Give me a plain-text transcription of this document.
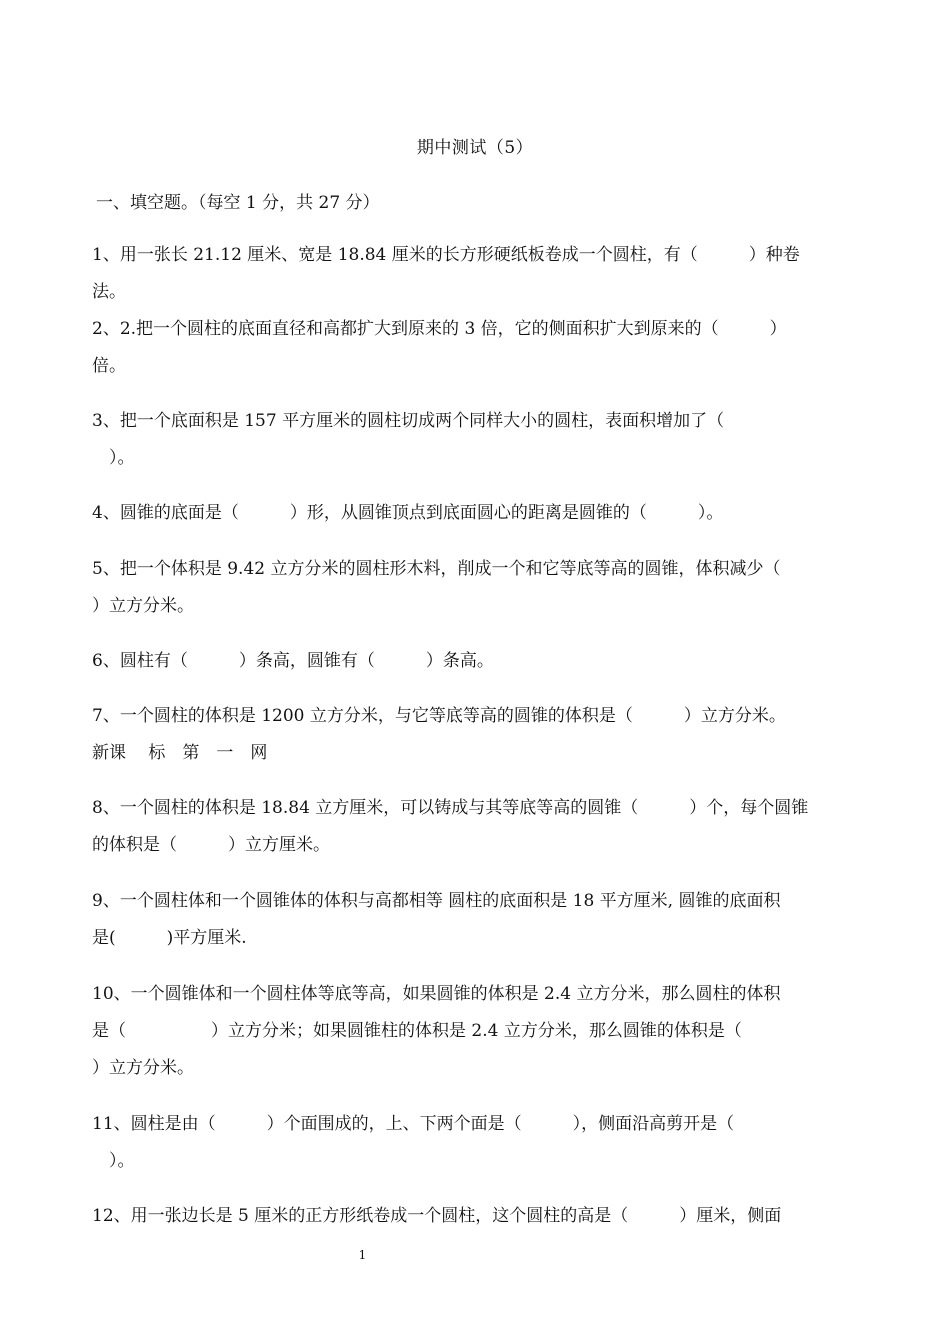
期中测试（5）
一、填空题。（每空 1 分，共 27 分）
1、用一张长 21.12 厘米、宽是 18.84 厘米的长方形硬纸板卷成一个圆柱，有（　　　）种卷
法。
2、2.把一个圆柱的底面直径和高都扩大到原来的 3 倍，它的侧面积扩大到原来的（　　　）
倍。
3、把一个底面积是 157 平方厘米的圆柱切成两个同样大小的圆柱，表面积增加了（
　）。
4、圆锥的底面是（　　　）形，从圆锥顶点到底面圆心的距离是圆锥的（　　　）。
5、把一个体积是 9.42 立方分米的圆柱形木料，削成一个和它等底等高的圆锥，体积减少（
）立方分米。
6、圆柱有（　　　）条高，圆锥有（　　　）条高。
7、一个圆柱的体积是 1200 立方分米，与它等底等高的圆锥的体积是（　　　）立方分米。
新课　 标　第　一　网
8、一个圆柱的体积是 18.84 立方厘米，可以铸成与其等底等高的圆锥（　　　）个，每个圆锥
的体积是（　　　）立方厘米。
9、一个圆柱体和一个圆锥体的体积与高都相等 圆柱的底面积是 18 平方厘米, 圆锥的底面积
是(　　　)平方厘米.
10、一个圆锥体和一个圆柱体等底等高，如果圆锥的体积是 2.4 立方分米，那么圆柱的体积
是（　　　　　）立方分米；如果圆锥柱的体积是 2.4 立方分米，那么圆锥的体积是（
）立方分米。
11、圆柱是由（　　　）个面围成的，上、下两个面是（　　　），侧面沿高剪开是（
　）。
12、用一张边长是 5 厘米的正方形纸卷成一个圆柱，这个圆柱的高是（　　　）厘米，侧面
1
